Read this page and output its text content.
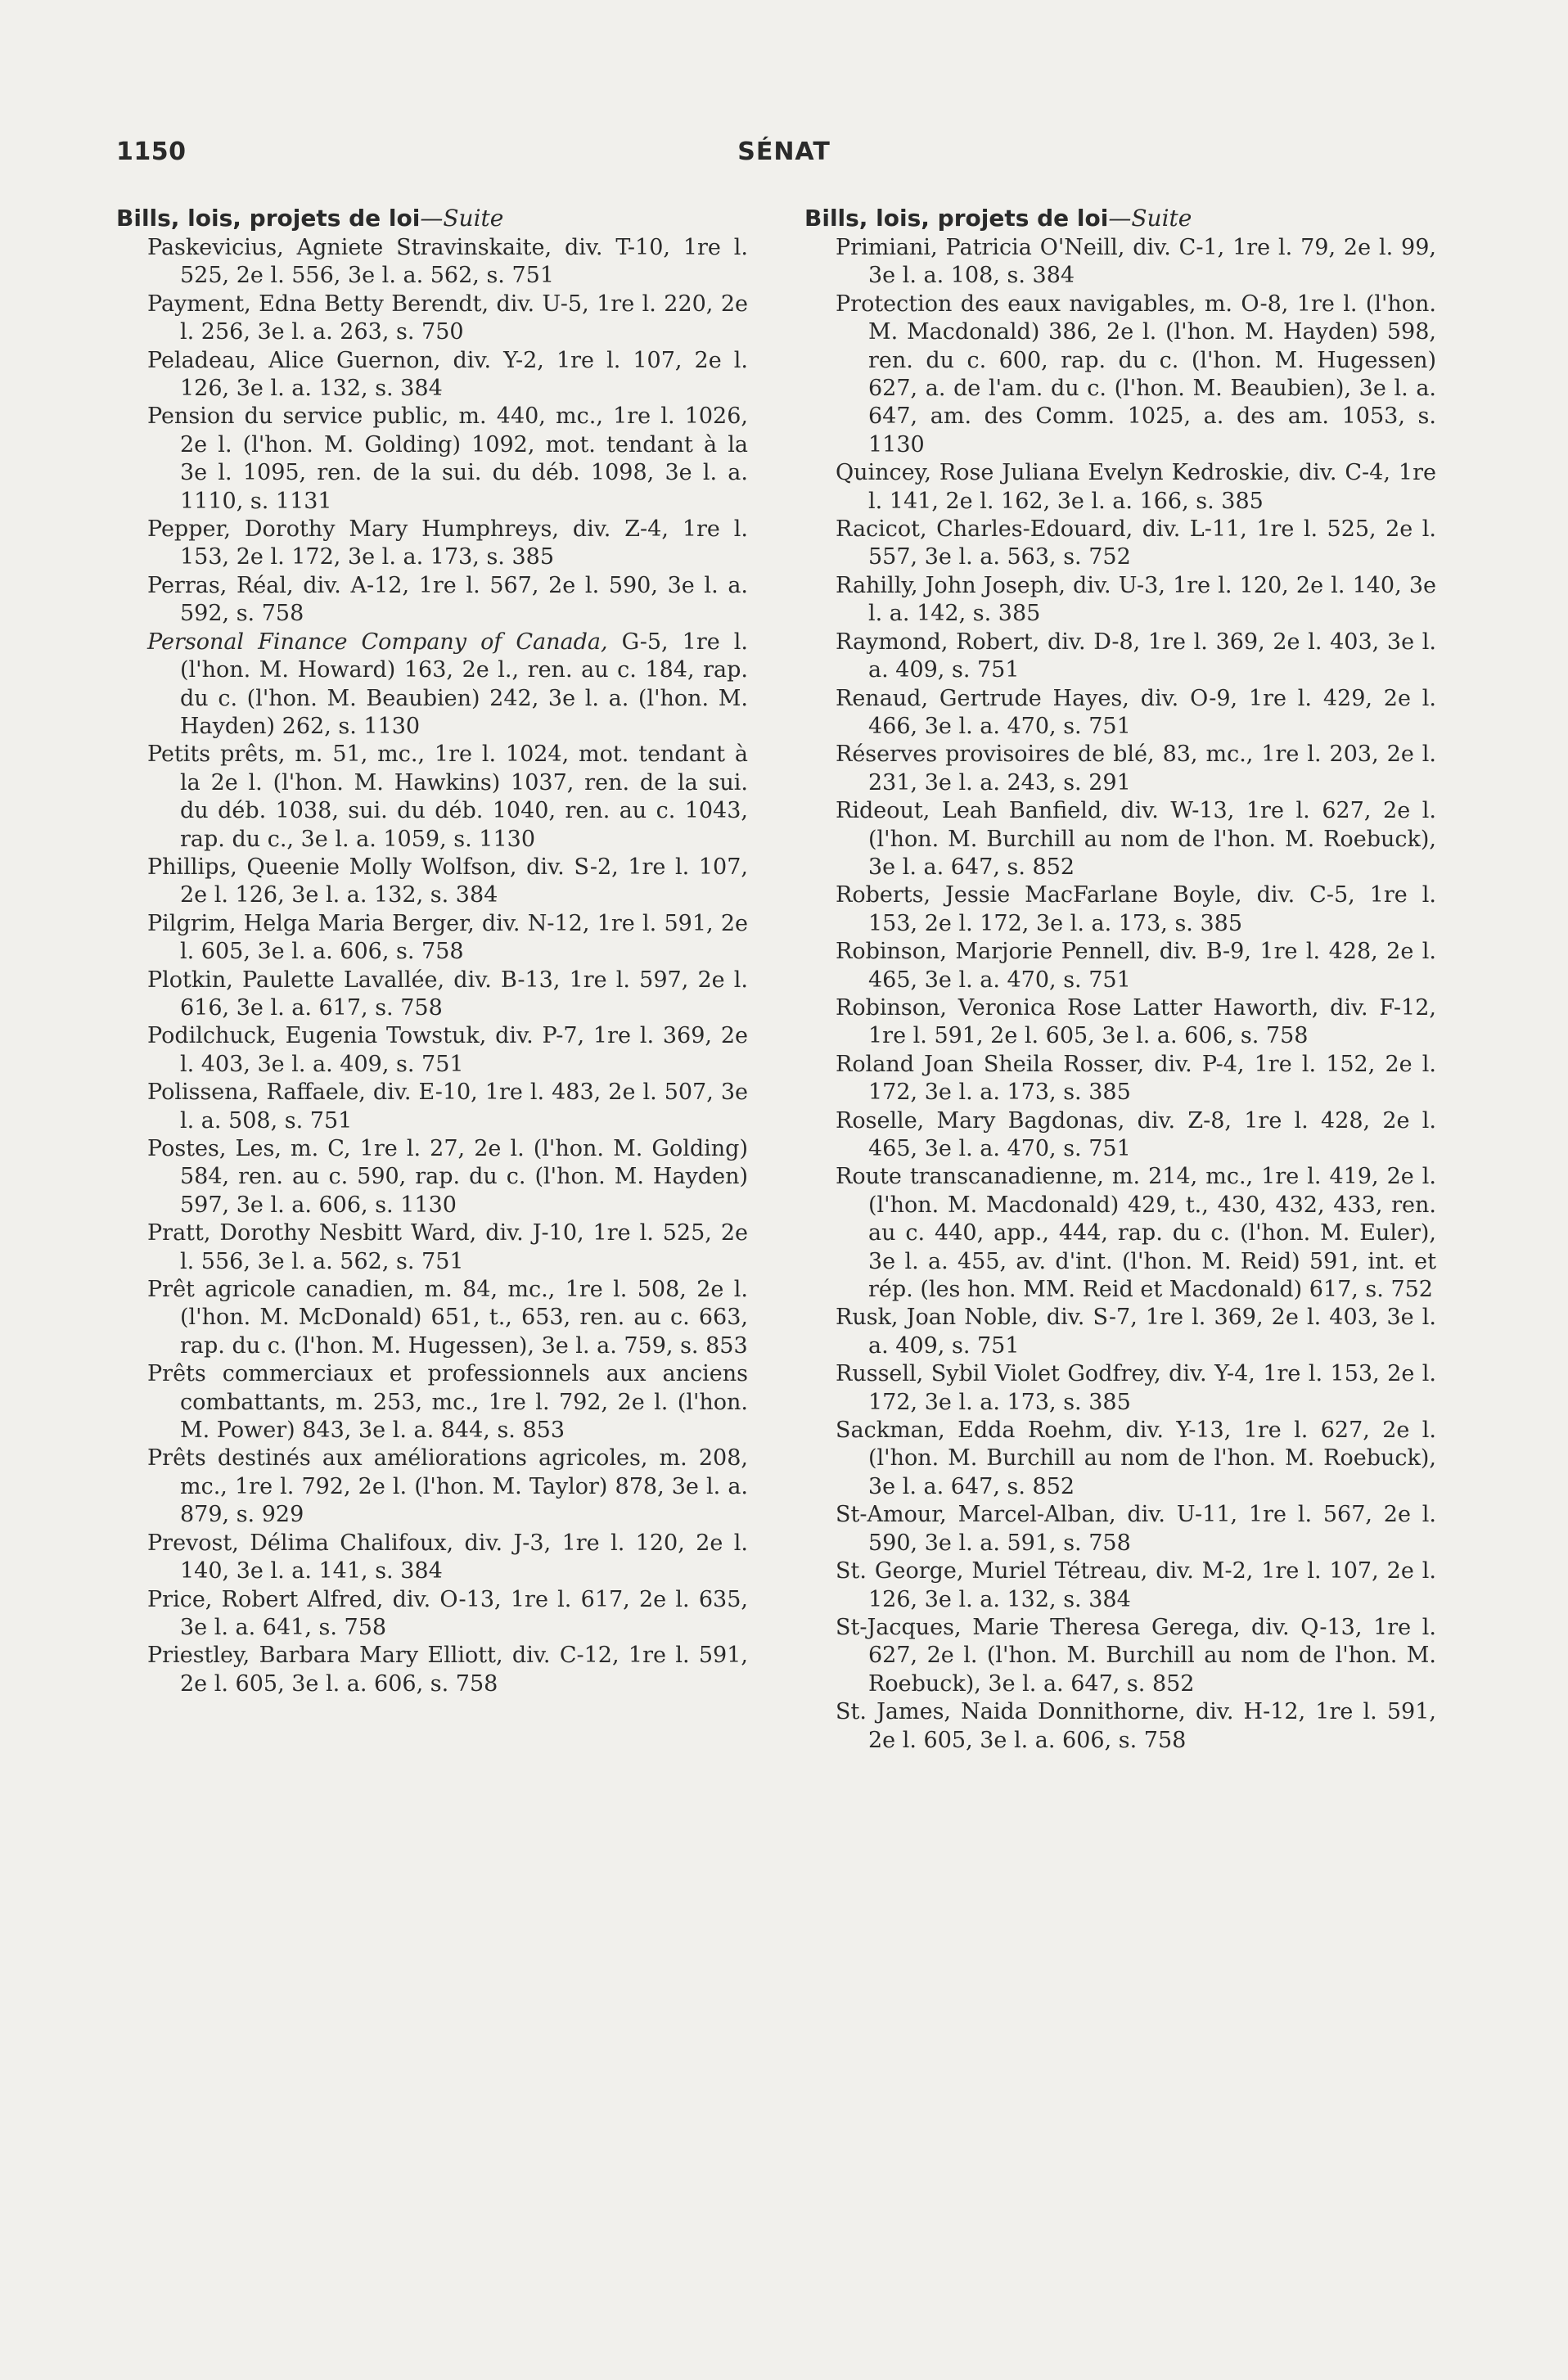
1150	SÉNAT
Bills, lois, projets de loi—Suite

Paskevicius, Agniete Stravinskaite, div. T-10, 1re l. 525, 2e l. 556, 3e l. a. 562, s. 751

Payment, Edna Betty Berendt, div. U-5, 1re l. 220, 2e l. 256, 3e l. a. 263, s. 750

Peladeau, Alice Guernon, div. Y-2, 1re l. 107, 2e l. 126, 3e l. a. 132, s. 384

Pension du service public, m. 440, mc., 1re l. 1026, 2e l. (l'hon. M. Golding) 1092, mot. tendant à la 3e l. 1095, ren. de la sui. du déb. 1098, 3e l. a. 1110, s. 1131

Pepper, Dorothy Mary Humphreys, div. Z-4, 1re l. 153, 2e l. 172, 3e l. a. 173, s. 385

Perras, Réal, div. A-12, 1re l. 567, 2e l. 590, 3e l. a. 592, s. 758

Personal Finance Company of Canada, G-5, 1re l. (l'hon. M. Howard) 163, 2e l., ren. au c. 184, rap. du c. (l'hon. M. Beaubien) 242, 3e l. a. (l'hon. M. Hayden) 262, s. 1130

Petits prêts, m. 51, mc., 1re l. 1024, mot. tendant à la 2e l. (l'hon. M. Hawkins) 1037, ren. de la sui. du déb. 1038, sui. du déb. 1040, ren. au c. 1043, rap. du c., 3e l. a. 1059, s. 1130

Phillips, Queenie Molly Wolfson, div. S-2, 1re l. 107, 2e l. 126, 3e l. a. 132, s. 384

Pilgrim, Helga Maria Berger, div. N-12, 1re l. 591, 2e l. 605, 3e l. a. 606, s. 758

Plotkin, Paulette Lavallée, div. B-13, 1re l. 597, 2e l. 616, 3e l. a. 617, s. 758

Podilchuck, Eugenia Towstuk, div. P-7, 1re l. 369, 2e l. 403, 3e l. a. 409, s. 751

Polissena, Raffaele, div. E-10, 1re l. 483, 2e l. 507, 3e l. a. 508, s. 751

Postes, Les, m. C, 1re l. 27, 2e l. (l'hon. M. Golding) 584, ren. au c. 590, rap. du c. (l'hon. M. Hayden) 597, 3e l. a. 606, s. 1130

Pratt, Dorothy Nesbitt Ward, div. J-10, 1re l. 525, 2e l. 556, 3e l. a. 562, s. 751

Prêt agricole canadien, m. 84, mc., 1re l. 508, 2e l. (l'hon. M. McDonald) 651, t., 653, ren. au c. 663, rap. du c. (l'hon. M. Hugessen), 3e l. a. 759, s. 853

Prêts commerciaux et professionnels aux anciens combattants, m. 253, mc., 1re l. 792, 2e l. (l'hon. M. Power) 843, 3e l. a. 844, s. 853

Prêts destinés aux améliorations agricoles, m. 208, mc., 1re l. 792, 2e l. (l'hon. M. Taylor) 878, 3e l. a. 879, s. 929

Prevost, Délima Chalifoux, div. J-3, 1re l. 120, 2e l. 140, 3e l. a. 141, s. 384

Price, Robert Alfred, div. O-13, 1re l. 617, 2e l. 635, 3e l. a. 641, s. 758

Priestley, Barbara Mary Elliott, div. C-12, 1re l. 591, 2e l. 605, 3e l. a. 606, s. 758

Bills, lois, projets de loi—Suite

Primiani, Patricia O'Neill, div. C-1, 1re l. 79, 2e l. 99, 3e l. a. 108, s. 384

Protection des eaux navigables, m. O-8, 1re l. (l'hon. M. Macdonald) 386, 2e l. (l'hon. M. Hayden) 598, ren. du c. 600, rap. du c. (l'hon. M. Hugessen) 627, a. de l'am. du c. (l'hon. M. Beaubien), 3e l. a. 647, am. des Comm. 1025, a. des am. 1053, s. 1130

Quincey, Rose Juliana Evelyn Kedroskie, div. C-4, 1re l. 141, 2e l. 162, 3e l. a. 166, s. 385

Racicot, Charles-Edouard, div. L-11, 1re l. 525, 2e l. 557, 3e l. a. 563, s. 752

Rahilly, John Joseph, div. U-3, 1re l. 120, 2e l. 140, 3e l. a. 142, s. 385

Raymond, Robert, div. D-8, 1re l. 369, 2e l. 403, 3e l. a. 409, s. 751

Renaud, Gertrude Hayes, div. O-9, 1re l. 429, 2e l. 466, 3e l. a. 470, s. 751

Réserves provisoires de blé, 83, mc., 1re l. 203, 2e l. 231, 3e l. a. 243, s. 291

Rideout, Leah Banfield, div. W-13, 1re l. 627, 2e l. (l'hon. M. Burchill au nom de l'hon. M. Roebuck), 3e l. a. 647, s. 852

Roberts, Jessie MacFarlane Boyle, div. C-5, 1re l. 153, 2e l. 172, 3e l. a. 173, s. 385

Robinson, Marjorie Pennell, div. B-9, 1re l. 428, 2e l. 465, 3e l. a. 470, s. 751

Robinson, Veronica Rose Latter Haworth, div. F-12, 1re l. 591, 2e l. 605, 3e l. a. 606, s. 758

Roland Joan Sheila Rosser, div. P-4, 1re l. 152, 2e l. 172, 3e l. a. 173, s. 385

Roselle, Mary Bagdonas, div. Z-8, 1re l. 428, 2e l. 465, 3e l. a. 470, s. 751

Route transcanadienne, m. 214, mc., 1re l. 419, 2e l. (l'hon. M. Macdonald) 429, t., 430, 432, 433, ren. au c. 440, app., 444, rap. du c. (l'hon. M. Euler), 3e l. a. 455, av. d'int. (l'hon. M. Reid) 591, int. et rép. (les hon. MM. Reid et Macdonald) 617, s. 752

Rusk, Joan Noble, div. S-7, 1re l. 369, 2e l. 403, 3e l. a. 409, s. 751

Russell, Sybil Violet Godfrey, div. Y-4, 1re l. 153, 2e l. 172, 3e l. a. 173, s. 385

Sackman, Edda Roehm, div. Y-13, 1re l. 627, 2e l. (l'hon. M. Burchill au nom de l'hon. M. Roebuck), 3e l. a. 647, s. 852

St-Amour, Marcel-Alban, div. U-11, 1re l. 567, 2e l. 590, 3e l. a. 591, s. 758

St. George, Muriel Tétreau, div. M-2, 1re l. 107, 2e l. 126, 3e l. a. 132, s. 384

St-Jacques, Marie Theresa Gerega, div. Q-13, 1re l. 627, 2e l. (l'hon. M. Burchill au nom de l'hon. M. Roebuck), 3e l. a. 647, s. 852

St. James, Naida Donnithorne, div. H-12, 1re l. 591, 2e l. 605, 3e l. a. 606, s. 758
